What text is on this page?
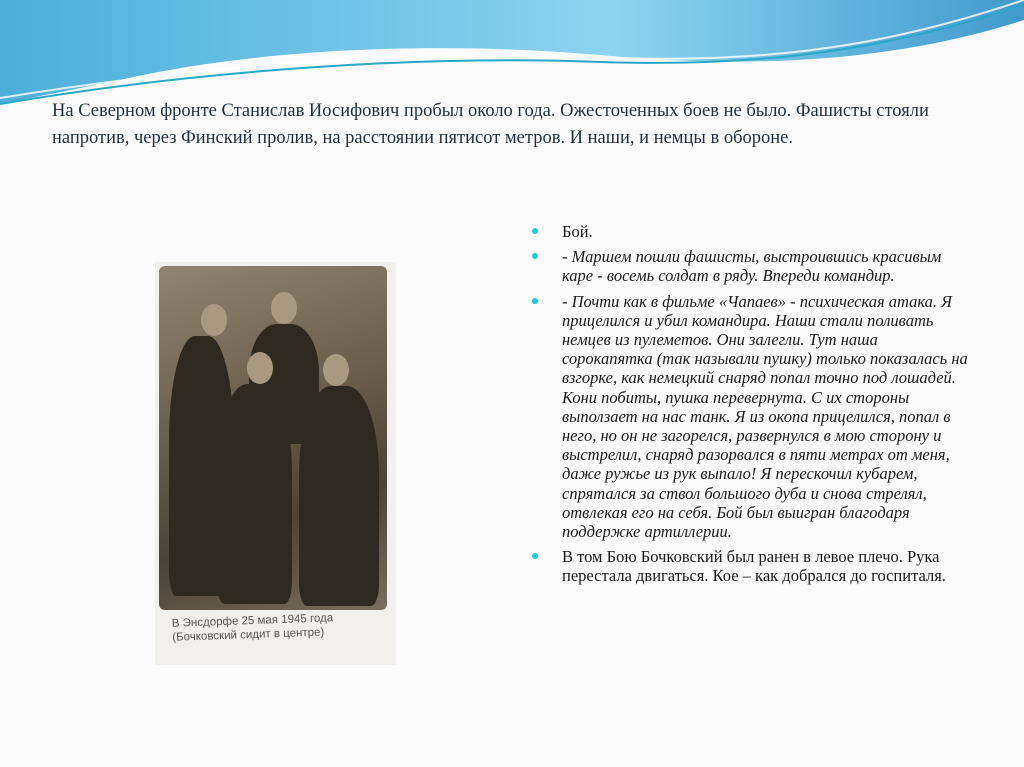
На Северном фронте Станислав Иосифович пробыл около года. Ожесточенных боев не было. Фашисты стояли напротив, через Финский пролив, на расстоянии пятисот метров. И наши, и немцы в обороне.
В Энсдорфе 25 мая 1945 года
(Бочковский сидит в центре)
Бой.
- Маршем пошли фашисты, выстроившись красивым каре - восемь солдат в ряду. Впереди командир.
- Почти как в фильме «Чапаев» - психическая атака. Я прицелился и убил командира. Наши стали поливать немцев из пулеметов. Они залегли. Тут наша сорокапятка (так называли пушку) только показалась на взгорке, как немецкий снаряд попал точно под лошадей. Кони побиты, пушка перевернута. С их стороны выползает на нас танк. Я из окопа прицелился, попал в него, но он не загорелся, развернулся в мою сторону и выстрелил, снаряд разорвался в пяти метрах от меня, даже ружье из рук выпало! Я перескочил кубарем, спрятался за ствол большого дуба и снова стрелял, отвлекая его на себя. Бой был выигран благодаря поддержке артиллерии.
В том Бою Бочковский был ранен в левое плечо. Рука перестала двигаться. Кое – как добрался до госпиталя.
